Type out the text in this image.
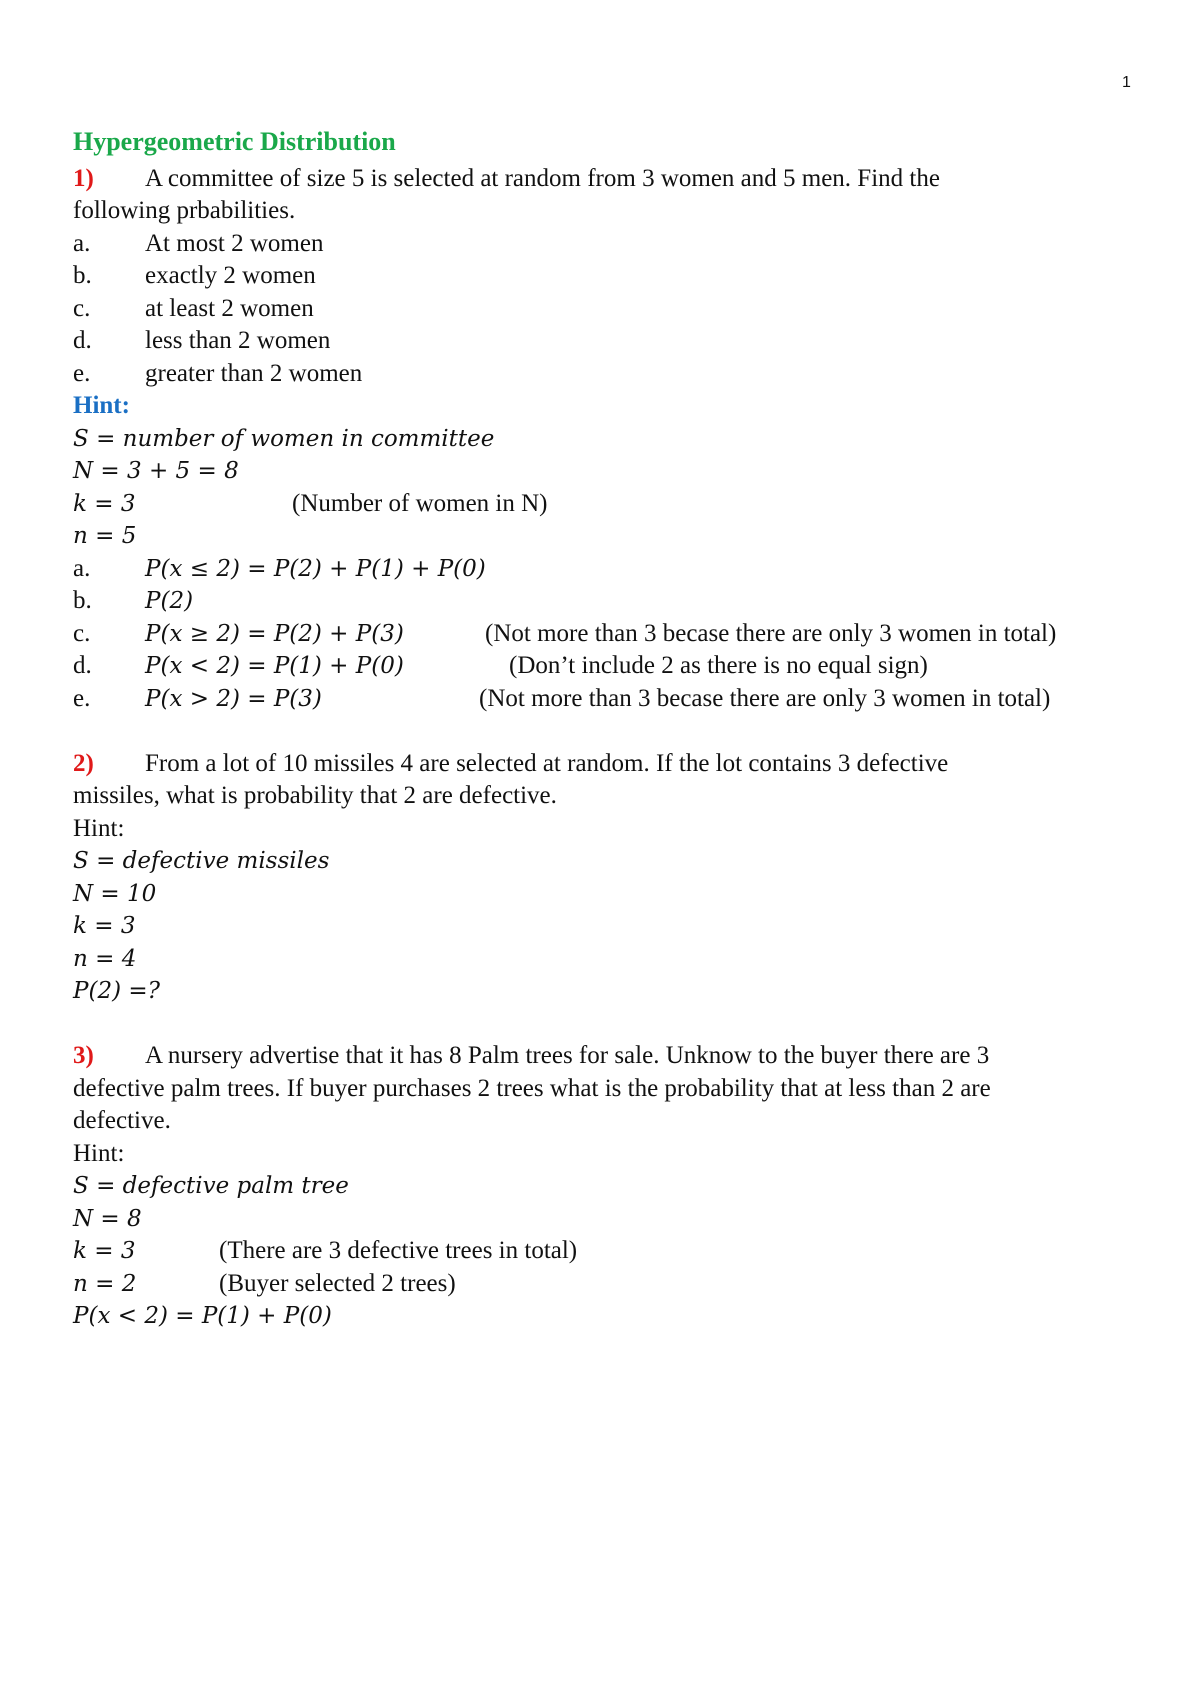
1
Hypergeometric Distribution
1) A committee of size 5 is selected at random from 3 women and 5 men. Find the
following prbabilities.
a. At most 2 women
b. exactly 2 women
c. at least 2 women
d. less than 2 women
e. greater than 2 women
Hint:
S = number of women in committee
N = 3 + 5 = 8
k = 3	(Number of women in N)
n = 5
a. P(x ≤ 2) = P(2) + P(1) + P(0)
b. P(2)
c. P(x ≥ 2) = P(2) + P(3)	(Not more than 3 becase there are only 3 women in total)
d. P(x < 2) = P(1) + P(0)	(Don’t include 2 as there is no equal sign)
e. P(x > 2) = P(3)	(Not more than 3 becase there are only 3 women in total)
2) From a lot of 10 missiles 4 are selected at random. If the lot contains 3 defective
missiles, what is probability that 2 are defective.
Hint:
S = defective missiles
N = 10
k = 3
n = 4
P(2) =?
3) A nursery advertise that it has 8 Palm trees for sale. Unknow to the buyer there are 3
defective palm trees. If buyer purchases 2 trees what is the probability that at less than 2 are
defective.
Hint:
S = defective palm tree
N = 8
k = 3	(There are 3 defective trees in total)
n = 2	(Buyer selected 2 trees)
P(x < 2) = P(1) + P(0)
